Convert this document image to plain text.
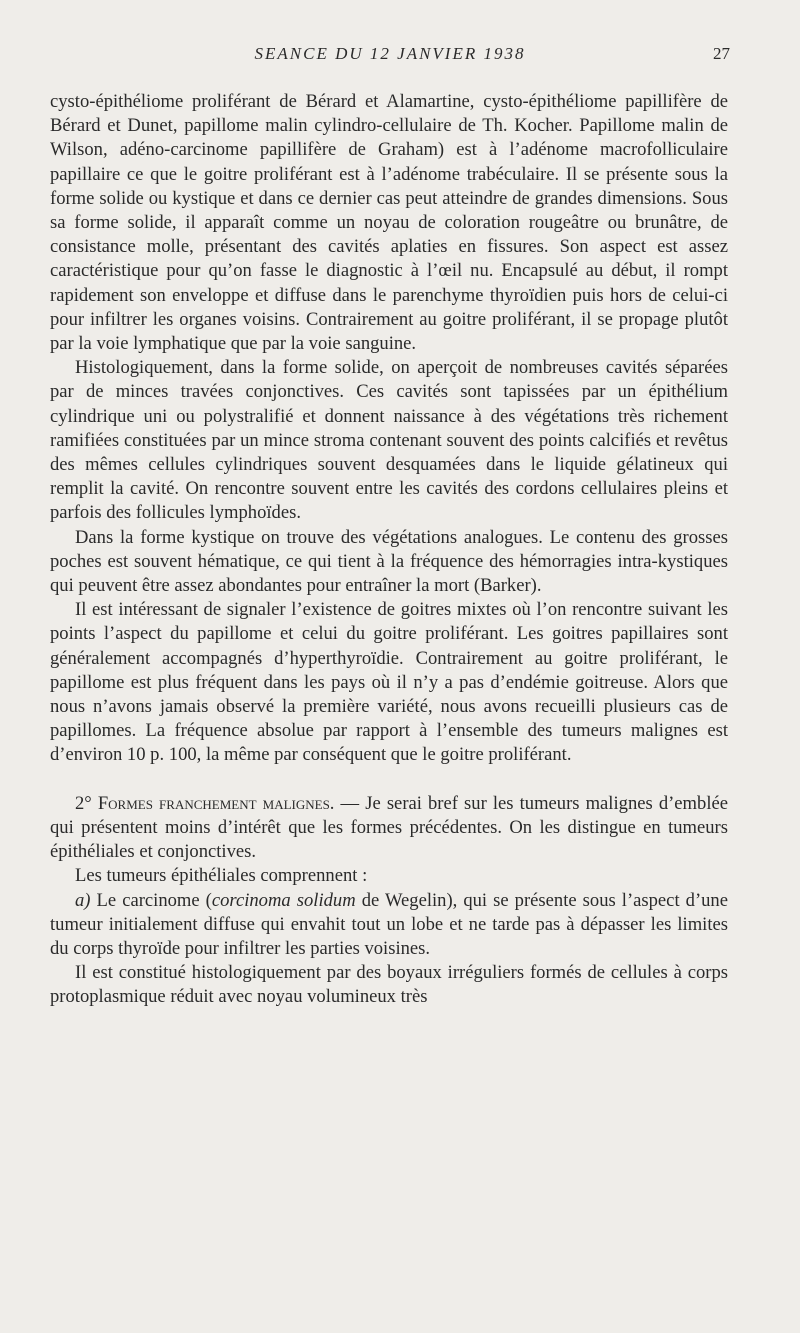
SEANCE DU 12 JANVIER 1938	27

cysto-épithéliome proliférant de Bérard et Alamartine, cysto-épithéliome papillifère de Bérard et Dunet, papillome malin cylindro-cellulaire de Th. Kocher. Papillome malin de Wilson, adéno-carcinome papillifère de Graham) est à l’adénome macrofolliculaire papillaire ce que le goitre proliférant est à l’adénome trabéculaire. Il se présente sous la forme solide ou kystique et dans ce dernier cas peut atteindre de grandes dimensions. Sous sa forme solide, il apparaît comme un noyau de coloration rougeâtre ou brunâtre, de consistance molle, présentant des cavités aplaties en fissures. Son aspect est assez caractéristique pour qu’on fasse le diagnostic à l’œil nu. Encapsulé au début, il rompt rapidement son enveloppe et diffuse dans le parenchyme thyroïdien puis hors de celui-ci pour infiltrer les organes voisins. Contrairement au goitre proliférant, il se propage plutôt par la voie lymphatique que par la voie sanguine.

Histologiquement, dans la forme solide, on aperçoit de nombreuses cavités séparées par de minces travées conjonctives. Ces cavités sont tapissées par un épithélium cylindrique uni ou polystralifié et donnent naissance à des végétations très richement ramifiées constituées par un mince stroma contenant souvent des points calcifiés et revêtus des mêmes cellules cylindriques souvent desquamées dans le liquide gélatineux qui remplit la cavité. On rencontre souvent entre les cavités des cordons cellulaires pleins et parfois des follicules lymphoïdes.

Dans la forme kystique on trouve des végétations analogues. Le contenu des grosses poches est souvent hématique, ce qui tient à la fréquence des hémorragies intra-kystiques qui peuvent être assez abondantes pour entraîner la mort (Barker).

Il est intéressant de signaler l’existence de goitres mixtes où l’on rencontre suivant les points l’aspect du papillome et celui du goitre proliférant. Les goitres papillaires sont généralement accompagnés d’hyperthyroïdie. Contrairement au goitre proliférant, le papillome est plus fréquent dans les pays où il n’y a pas d’endémie goitreuse. Alors que nous n’avons jamais observé la première variété, nous avons recueilli plusieurs cas de papillomes. La fréquence absolue par rapport à l’ensemble des tumeurs malignes est d’environ 10 p. 100, la même par conséquent que le goitre proliférant.

2° Formes franchement malignes. — Je serai bref sur les tumeurs malignes d’emblée qui présentent moins d’intérêt que les formes précédentes. On les distingue en tumeurs épithéliales et conjonctives.

Les tumeurs épithéliales comprennent :

a) Le carcinome (corcinoma solidum de Wegelin), qui se présente sous l’aspect d’une tumeur initialement diffuse qui envahit tout un lobe et ne tarde pas à dépasser les limites du corps thyroïde pour infiltrer les parties voisines.

Il est constitué histologiquement par des boyaux irréguliers formés de cellules à corps protoplasmique réduit avec noyau volumineux très
